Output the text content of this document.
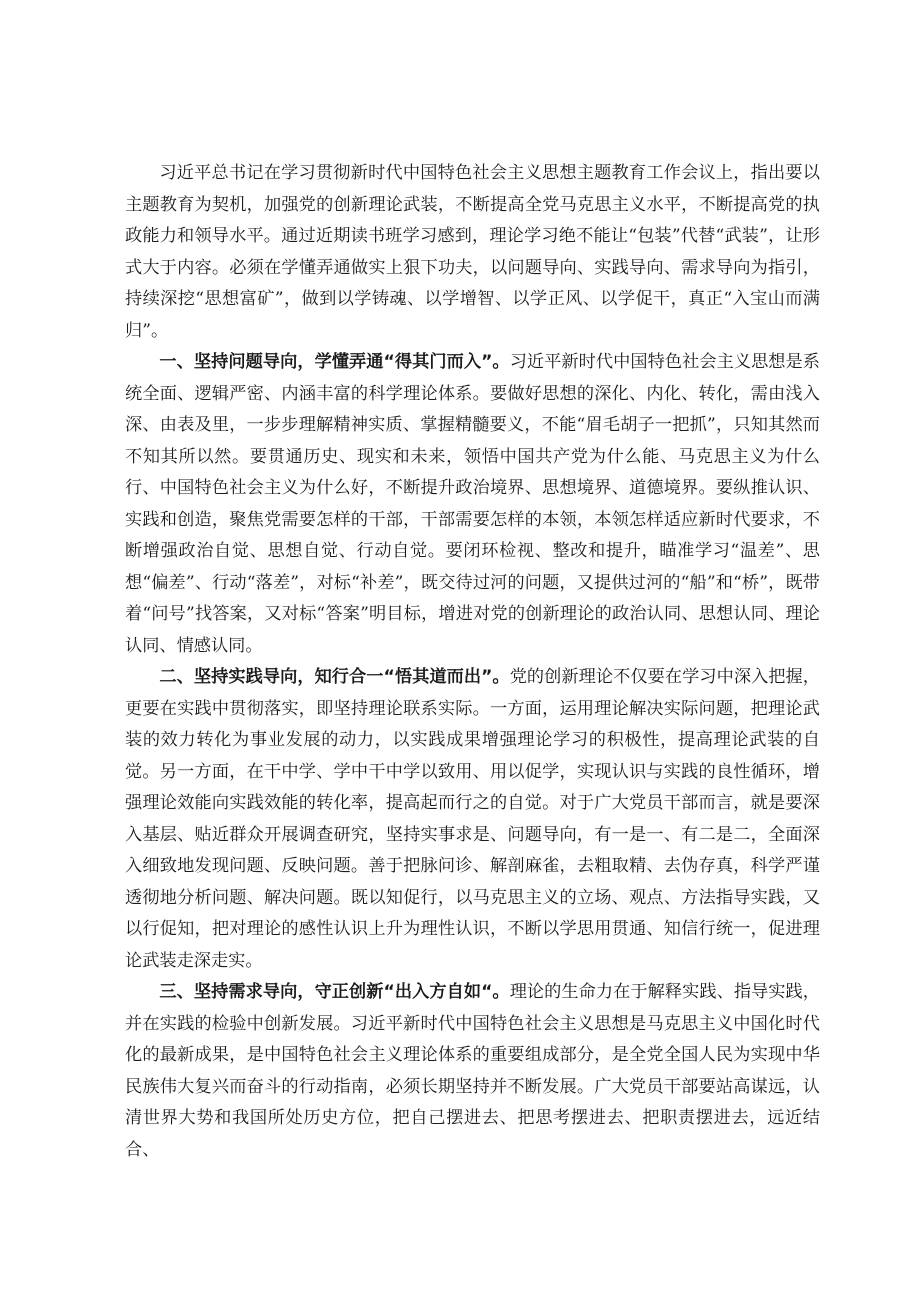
习近平总书记在学习贯彻新时代中国特色社会主义思想主题教育工作会议上，指出要以主题教育为契机，加强党的创新理论武装，不断提高全党马克思主义水平，不断提高党的执政能力和领导水平。通过近期读书班学习感到，理论学习绝不能让“包装”代替“武装”，让形式大于内容。必须在学懂弄通做实上狠下功夫，以问题导向、实践导向、需求导向为指引，持续深挖“思想富矿”，做到以学铸魂、以学增智、以学正风、以学促干，真正“入宝山而满归”。

一、坚持问题导向，学懂弄通“得其门而入”。习近平新时代中国特色社会主义思想是系统全面、逻辑严密、内涵丰富的科学理论体系。要做好思想的深化、内化、转化，需由浅入深、由表及里，一步步理解精神实质、掌握精髓要义，不能“眉毛胡子一把抓”，只知其然而不知其所以然。要贯通历史、现实和未来，领悟中国共产党为什么能、马克思主义为什么行、中国特色社会主义为什么好，不断提升政治境界、思想境界、道德境界。要纵推认识、实践和创造，聚焦党需要怎样的干部，干部需要怎样的本领，本领怎样适应新时代要求，不断增强政治自觉、思想自觉、行动自觉。要闭环检视、整改和提升，瞄准学习“温差”、思想“偏差”、行动“落差”，对标“补差”，既交待过河的问题，又提供过河的“船”和“桥”，既带着“问号”找答案，又对标“答案”明目标，增进对党的创新理论的政治认同、思想认同、理论认同、情感认同。

二、坚持实践导向，知行合一“悟其道而出”。党的创新理论不仅要在学习中深入把握，更要在实践中贯彻落实，即坚持理论联系实际。一方面，运用理论解决实际问题，把理论武装的效力转化为事业发展的动力，以实践成果增强理论学习的积极性，提高理论武装的自觉。另一方面，在干中学、学中干中学以致用、用以促学，实现认识与实践的良性循环，增强理论效能向实践效能的转化率，提高起而行之的自觉。对于广大党员干部而言，就是要深入基层、贴近群众开展调查研究，坚持实事求是、问题导向，有一是一、有二是二，全面深入细致地发现问题、反映问题。善于把脉问诊、解剖麻雀，去粗取精、去伪存真，科学严谨透彻地分析问题、解决问题。既以知促行，以马克思主义的立场、观点、方法指导实践，又以行促知，把对理论的感性认识上升为理性认识，不断以学思用贯通、知信行统一，促进理论武装走深走实。

三、坚持需求导向，守正创新“出入方自如“。理论的生命力在于解释实践、指导实践，并在实践的检验中创新发展。习近平新时代中国特色社会主义思想是马克思主义中国化时代化的最新成果，是中国特色社会主义理论体系的重要组成部分，是全党全国人民为实现中华民族伟大复兴而奋斗的行动指南，必须长期坚持并不断发展。广大党员干部要站高谋远，认清世界大势和我国所处历史方位，把自己摆进去、把思考摆进去、把职责摆进去，远近结合、
